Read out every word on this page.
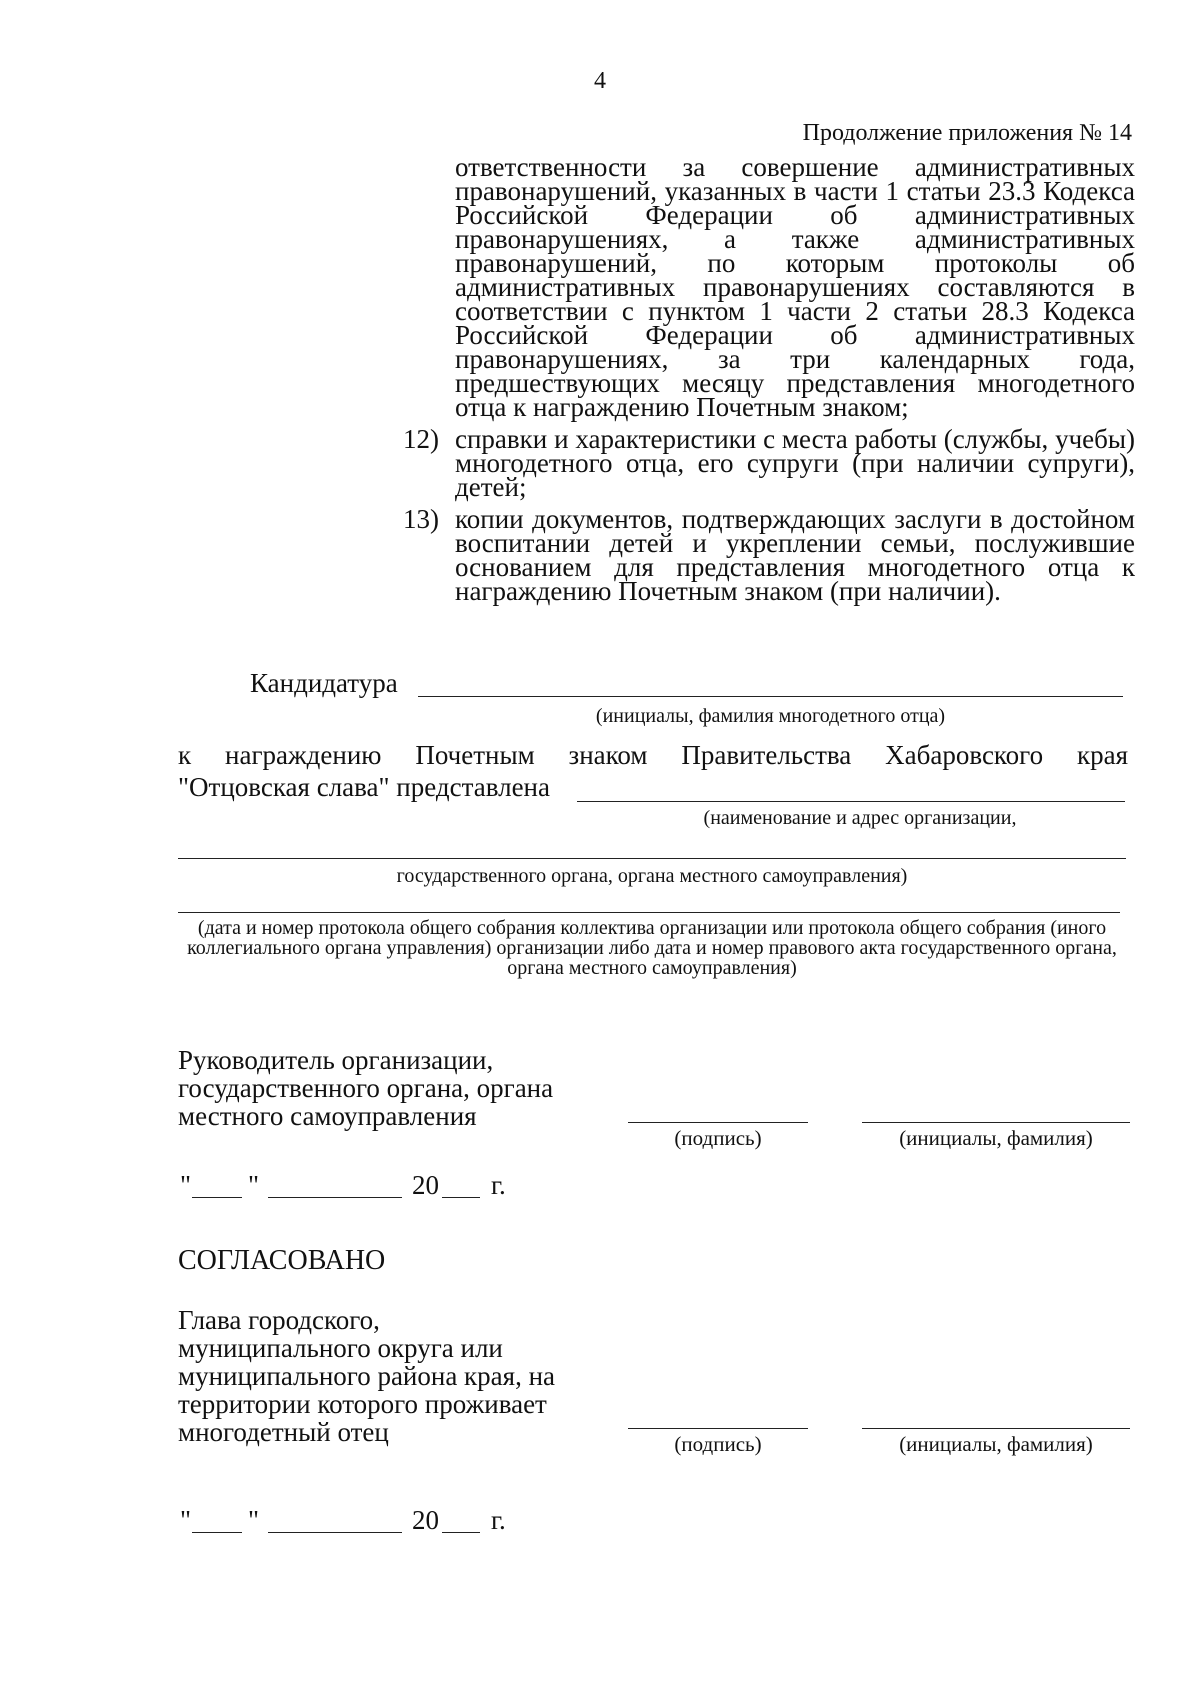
4
Продолжение приложения № 14
ответственности за совершение административных правонарушений, указанных в части 1 статьи 23.3 Кодекса Российской Федерации об административных правонарушениях, а также административных правонарушений, по которым протоколы об административных правонарушениях составляются в соответствии с пунктом 1 части 2 статьи 28.3 Кодекса Российской Федерации об административных правонарушениях, за три календарных года, предшествующих месяцу представления многодетного отца к награждению Почетным знаком;
12) справки и характеристики с места работы (службы, учебы) многодетного отца, его супруги (при наличии супруги), детей;
13) копии документов, подтверждающих заслуги в достойном воспитании детей и укреплении семьи, послужившие основанием для представления многодетного отца к награждению Почетным знаком (при наличии).
Кандидатура
(инициалы, фамилия многодетного отца)
к награждению Почетным знаком Правительства Хабаровского края
"Отцовская слава" представлена
(наименование и адрес организации,
государственного органа, органа местного самоуправления)
(дата и номер протокола общего собрания коллектива организации или протокола общего собрания (иного коллегиального органа управления) организации либо дата и номер правового акта государственного органа, органа местного самоуправления)
Руководитель организации,
государственного органа, органа
местного самоуправления
(подпись)	(инициалы, фамилия)
" "	20 г.
СОГЛАСОВАНО
Глава городского,
муниципального округа или
муниципального района края, на
территории которого проживает
многодетный отец	(подпись)	(инициалы, фамилия)
" "	20 г.
